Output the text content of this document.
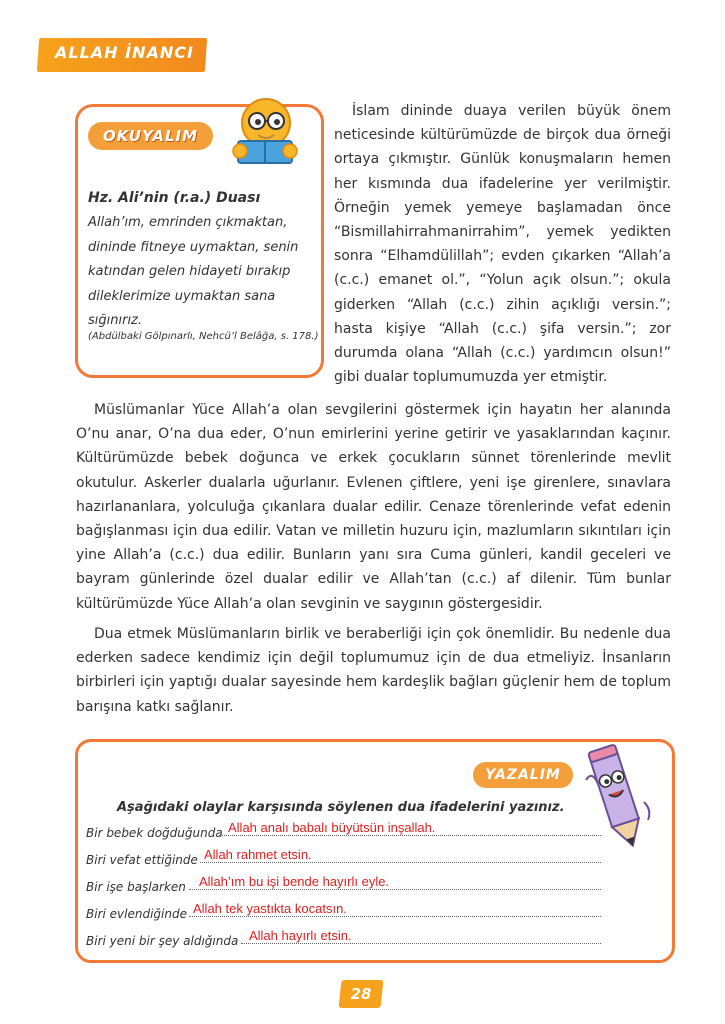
ALLAH İNANCI
OKUYALIM
Hz. Ali’nin (r.a.) Duası
Allah’ım, emrinden çıkmaktan, dininde fitneye uymaktan, senin katından gelen hidayeti bırakıp dileklerimize uymaktan sana sığınırız.
(Abdülbaki Gölpınarlı, Nehcü’l Belâğa, s. 178.)
İslam dininde duaya verilen büyük önem neticesinde kültürümüzde de birçok dua örneği ortaya çıkmıştır. Günlük konuşmaların hemen her kısmında dua ifadelerine yer verilmiştir. Örneğin yemek yemeye başlamadan önce “Bismillahirrahmanirrahim”, yemek yedikten sonra “Elhamdülillah”; evden çıkarken “Allah’a (c.c.) emanet ol.”, “Yolun açık olsun.”; okula giderken “Allah (c.c.) zihin açıklığı versin.”; hasta kişiye “Allah (c.c.) şifa versin.”; zor durumda olana “Allah (c.c.) yardımcın olsun!” gibi dualar toplumumuzda yer etmiştir.
Müslümanlar Yüce Allah’a olan sevgilerini göstermek için hayatın her alanında O’nu anar, O’na dua eder, O’nun emirlerini yerine getirir ve yasaklarından kaçınır. Kültürümüzde bebek doğunca ve erkek çocukların sünnet törenlerinde mevlit okutulur. Askerler dualarla uğurlanır. Evlenen çiftlere, yeni işe girenlere, sınavlara hazırlananlara, yolculuğa çıkanlara dualar edilir. Cenaze törenlerinde vefat edenin bağışlanması için dua edilir. Vatan ve milletin huzuru için, mazlumların sıkıntıları için yine Allah’a (c.c.) dua edilir. Bunların yanı sıra Cuma günleri, kandil geceleri ve bayram günlerinde özel dualar edilir ve Allah’tan (c.c.) af dilenir. Tüm bunlar kültürümüzde Yüce Allah’a olan sevginin ve saygının göstergesidir.
Dua etmek Müslümanların birlik ve beraberliği için çok önemlidir. Bu nedenle dua ederken sadece kendimiz için değil toplumumuz için de dua etmeliyiz. İnsanların birbirleri için yaptığı dualar sayesinde hem kardeşlik bağları güçlenir hem de toplum barışına katkı sağlanır.
YAZALIM
Aşağıdaki olaylar karşısında söylenen dua ifadelerini yazınız.
Bir bebek doğduğunda Allah analı babalı büyütsün inşallah.
Biri vefat ettiğinde Allah rahmet etsin.
Bir işe başlarken Allah’ım bu işi bende hayırlı eyle.
Biri evlendiğinde Allah tek yastıkta kocatsın.
Biri yeni bir şey aldığında Allah hayırlı etsin.
28
